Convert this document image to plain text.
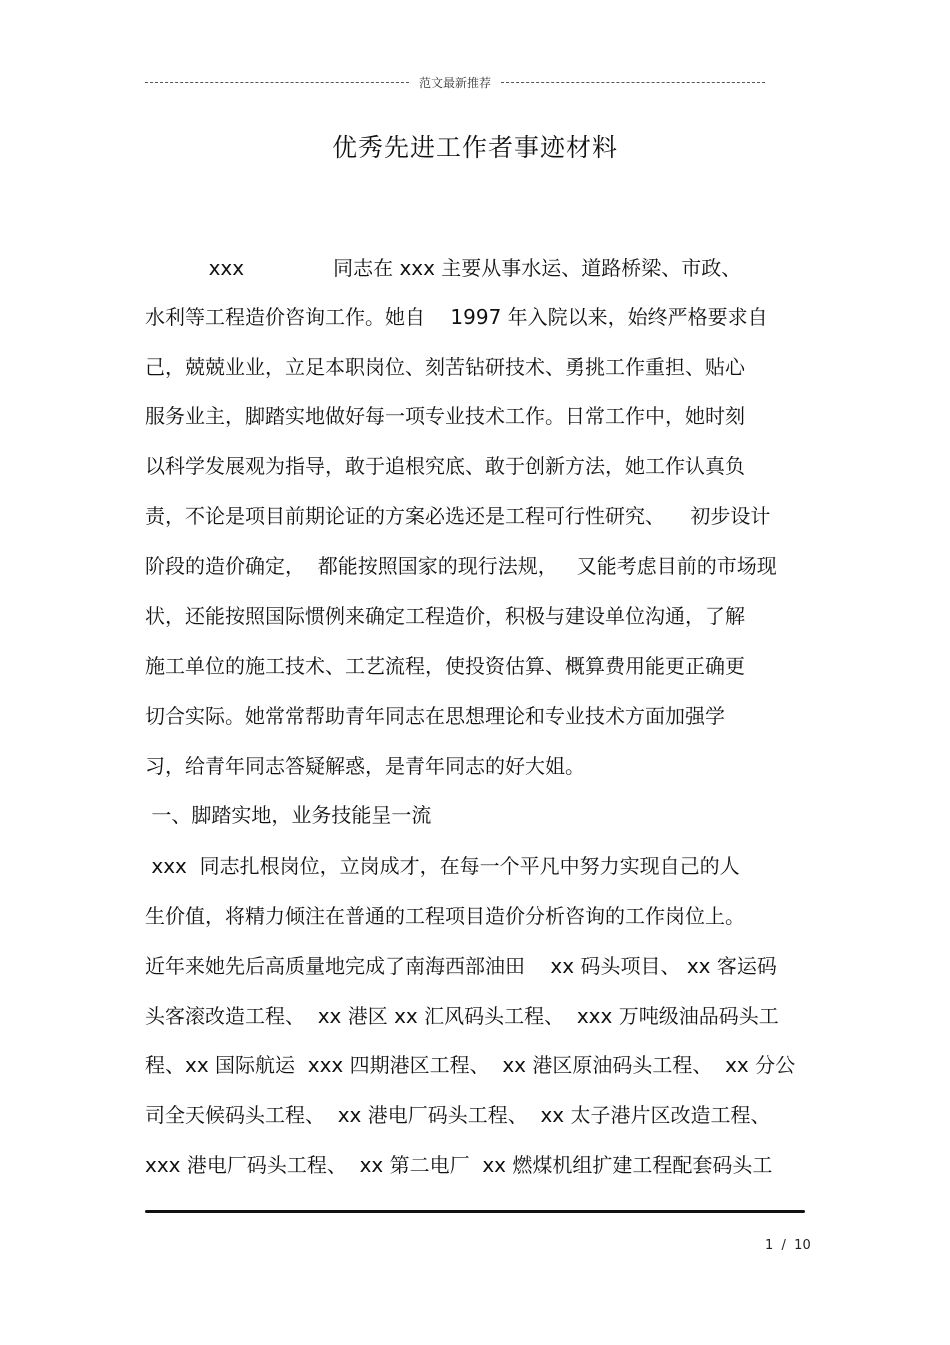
范文最新推荐
优秀先进工作者事迹材料
xxx              同志在 xxx 主要从事水运、道路桥梁、市政、
水利等工程造价咨询工作。她自    1997 年入院以来，始终严格要求自
己，兢兢业业，立足本职岗位、刻苦钻研技术、勇挑工作重担、贴心
服务业主，脚踏实地做好每一项专业技术工作。日常工作中，她时刻
以科学发展观为指导，敢于追根究底、敢于创新方法，她工作认真负
责，不论是项目前期论证的方案必选还是工程可行性研究、    初步设计
阶段的造价确定，  都能按照国家的现行法规，   又能考虑目前的市场现
状，还能按照国际惯例来确定工程造价，积极与建设单位沟通，了解
施工单位的施工技术、工艺流程，使投资估算、概算费用能更正确更
切合实际。她常常帮助青年同志在思想理论和专业技术方面加强学
习，给青年同志答疑解惑，是青年同志的好大姐。
一、脚踏实地，业务技能呈一流
xxx  同志扎根岗位，立岗成才，在每一个平凡中努力实现自己的人
生价值，将精力倾注在普通的工程项目造价分析咨询的工作岗位上。
近年来她先后高质量地完成了南海西部油田    xx 码头项目、 xx 客运码
头客滚改造工程、  xx 港区 xx 汇风码头工程、  xxx 万吨级油品码头工
程、xx 国际航运  xxx 四期港区工程、  xx 港区原油码头工程、  xx 分公
司全天候码头工程、  xx 港电厂码头工程、  xx 太子港片区改造工程、
xxx 港电厂码头工程、  xx 第二电厂  xx 燃煤机组扩建工程配套码头工
1  /  10
